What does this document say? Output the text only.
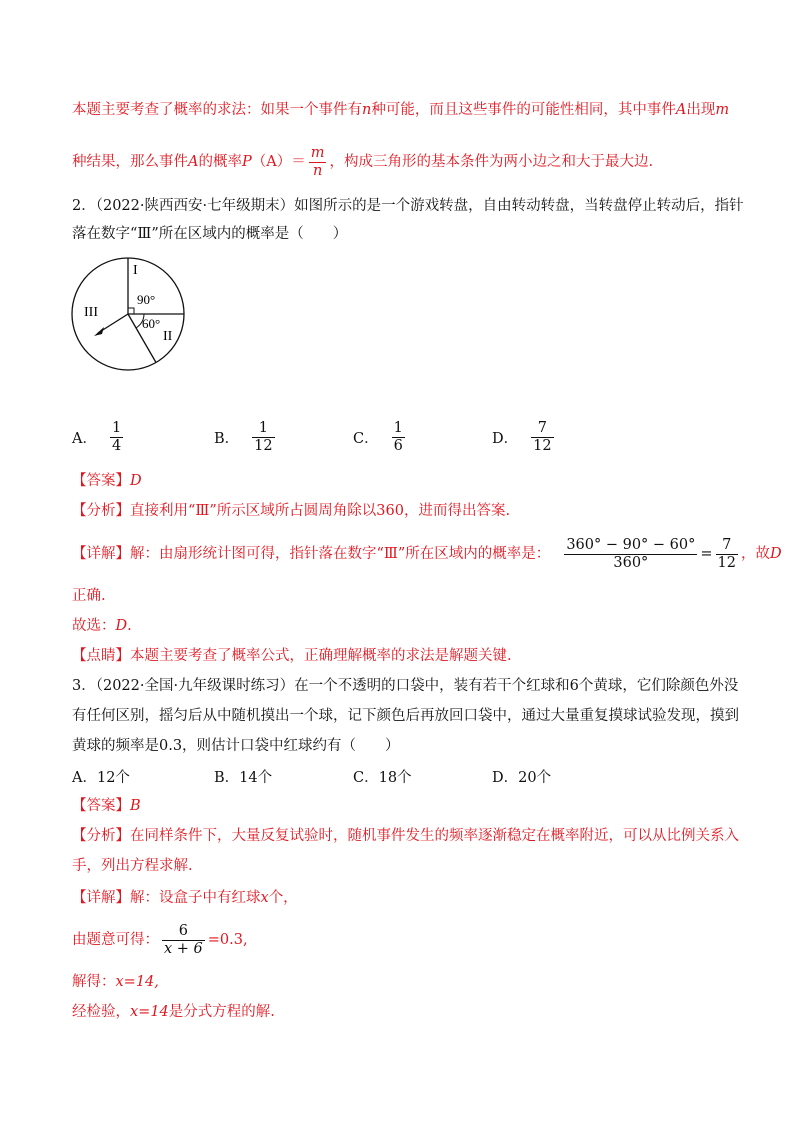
本题主要考查了概率的求法：如果一个事件有n种可能，而且这些事件的可能性相同，其中事件A出现m
种结果，那么事件A的概率$P(A)= \frac{m}{n}$ ，构成三角形的基本条件为两小边之和大于最大边.
2．（2022·陕西西安·七年级期末）如图所示的是一个游戏转盘，自由转动转盘，当转盘停止转动后，指针
落在数字“Ⅲ”所在区域内的概率是（　　）
I
90°
III
60°
II
A． $\frac{1}{4}$	B． $\frac{1}{12}$	C． $\frac{1}{6}$	D． $\frac{7}{12}$
【答案】D
【分析】直接利用“Ⅲ”所示区域所占圆周角除以360，进而得出答案.
【详解】解：由扇形统计图可得，指针落在数字“Ⅲ”所在区域内的概率是： $\frac{360^\circ - 90^\circ - 60^\circ}{360^\circ} = \frac{7}{12}$ ，故D
正确.
故选：D.
【点睛】本题主要考查了概率公式，正确理解概率的求法是解题关键.
3．（2022·全国·九年级课时练习）在一个不透明的口袋中，装有若干个红球和6个黄球，它们除颜色外没
有任何区别，摇匀后从中随机摸出一个球，记下颜色后再放回口袋中，通过大量重复摸球试验发现，摸到
黄球的频率是0.3，则估计口袋中红球约有（　　）
A．12个	B．14个	C．18个	D．20个
【答案】B
【分析】在同样条件下，大量反复试验时，随机事件发生的频率逐渐稳定在概率附近，可以从比例关系入
手，列出方程求解.
【详解】解：设盒子中有红球x个，
由题意可得： $\frac{6}{x + 6} =0.3$,
解得：x=14,
经检验，x=14是分式方程的解.
